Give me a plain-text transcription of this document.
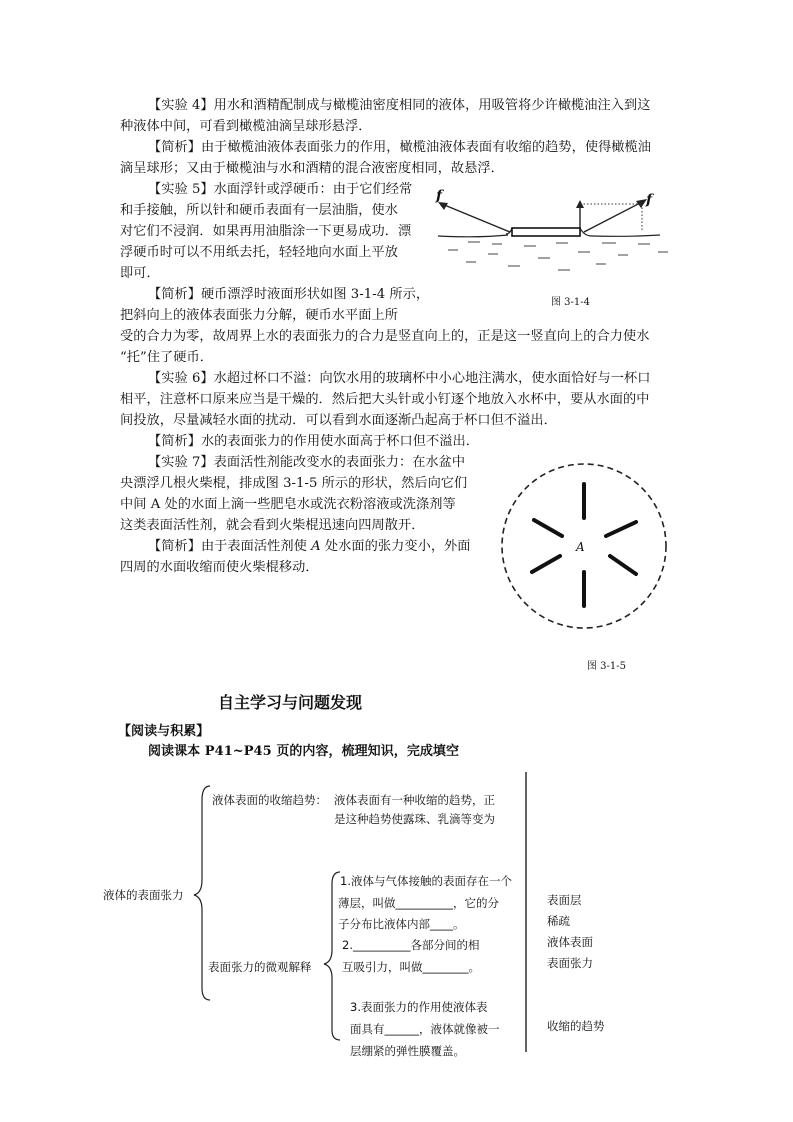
【实验 4】用水和酒精配制成与橄榄油密度相同的液体，用吸管将少许橄榄油注入到这
种液体中间，可看到橄榄油滴呈球形悬浮．
【简析】由于橄榄油液体表面张力的作用，橄榄油液体表面有收缩的趋势，使得橄榄油
滴呈球形；又由于橄榄油与水和酒精的混合液密度相同，故悬浮．
【实验 5】水面浮针或浮硬币：由于它们经常
和手接触，所以针和硬币表面有一层油脂，使水
对它们不浸润．如果再用油脂涂一下更易成功．漂
浮硬币时可以不用纸去托，轻轻地向水面上平放
即可．
f	f
【简析】硬币漂浮时液面形状如图 3-1-4 所示，
图 3-1-4
把斜向上的液体表面张力分解，硬币水平面上所
受的合力为零，故周界上水的表面张力的合力是竖直向上的，正是这一竖直向上的合力使水
“托”住了硬币．
【实验 6】水超过杯口不溢：向饮水用的玻璃杯中小心地注满水，使水面恰好与一杯口
相平，注意杯口原来应当是干燥的．然后把大头针或小钉逐个地放入水杯中，要从水面的中
间投放，尽量减轻水面的扰动．可以看到水面逐渐凸起高于杯口但不溢出．
【简析】水的表面张力的作用使水面高于杯口但不溢出．
【实验 7】表面活性剂能改变水的表面张力：在水盆中
央漂浮几根火柴棍，排成图 3-1-5 所示的形状，然后向它们
中间 A 处的水面上滴一些肥皂水或洗衣粉溶液或洗涤剂等
这类表面活性剂，就会看到火柴棍迅速向四周散开．
【简析】由于表面活性剂使 A 处水面的张力变小，外面
四周的水面收缩而使火柴棍移动．
A
图 3-1-5
自主学习与问题发现
【阅读与积累】
阅读课本 P41~P45 页的内容，梳理知识，完成填空
液体的表面张力
液体表面的收缩趋势： 液体表面有一种收缩的趋势，正
是这种趋势使露珠、乳滴等变为
表面张力的微观解释
1.液体与气体接触的表面存在一个
薄层，叫做__________，它的分
子分布比液体内部____。
2.__________各部分间的相
互吸引力，叫做________。
3.表面张力的作用使液体表
面具有______，液体就像被一
层绷紧的弹性膜覆盖。
表面层
稀疏
液体表面
表面张力
收缩的趋势
